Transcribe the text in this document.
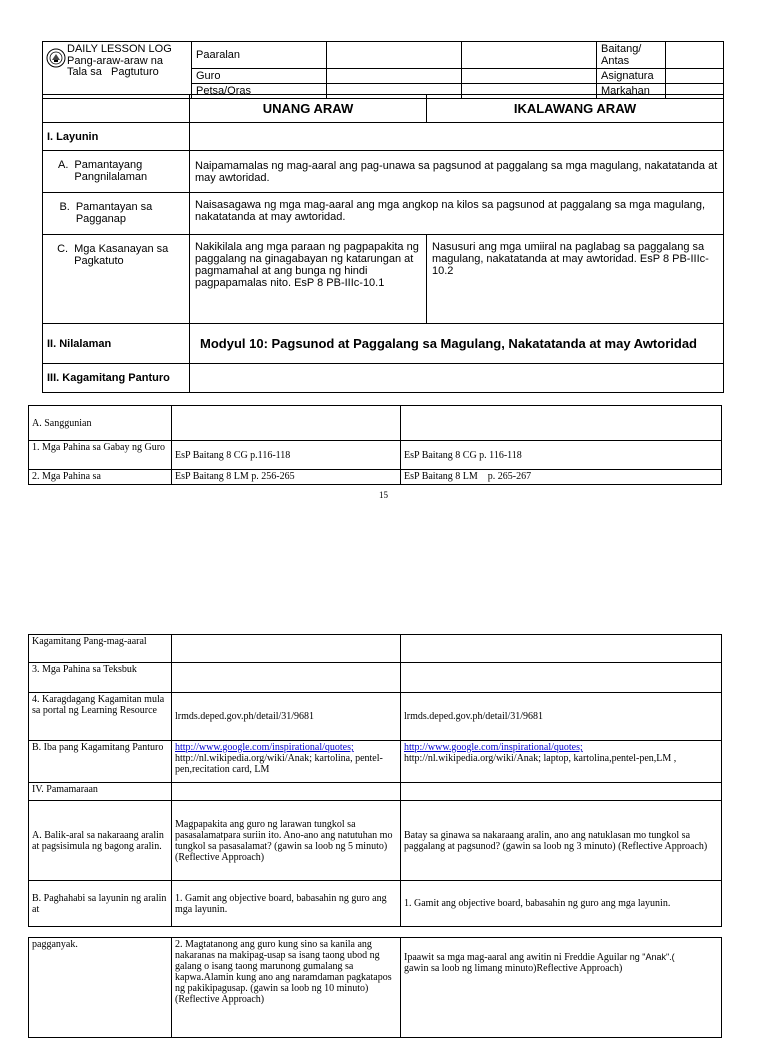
DAILY LESSON LOG
Pang-araw-araw na
Tala sa   Pagtuturo	Paaralan			Baitang/ Antas	
	Guro			Asignatura	
	Petsa/Oras			Markahan	
	UNANG ARAW	IKALAWANG ARAW
I. Layunin		

A. Pamantayang Pangnilalaman	Naipamamalas ng mag-aaral ang pag-unawa sa pagsunod at paggalang sa mga magulang, nakatatanda at may awtoridad.	

B. Pamantayan sa Pagganap	Naisasagawa ng mga mag-aaral ang mga angkop na kilos sa pagsunod at paggalang sa mga magulang, nakatatanda at may awtoridad.	

C. Mga Kasanayan sa Pagkatuto	Nakikilala ang mga paraan ng pagpapakita ng paggalang na ginagabayan ng katarungan at pagmamahal at ang bunga ng hindi pagpapamalas nito. EsP 8 PB-IIIc-10.1	Nasusuri ang mga umiiral na paglabag sa paggalang sa magulang, nakatatanda at may awtoridad. EsP 8 PB-IIIc-10.2

II. Nilalaman	Modyul 10: Pagsunod at Paggalang sa Magulang, Nakatatanda at may Awtoridad	
III. Kagamitang Panturo		
A. Sanggunian		
1. Mga Pahina sa Gabay ng Guro	EsP Baitang 8 CG p.116-118	EsP Baitang 8 CG p. 116-118
2. Mga Pahina sa	EsP Baitang 8 LM p. 256-265	EsP Baitang 8 LM    p. 265-267
15
Kagamitang Pang-mag-aaral		
3. Mga Pahina sa Teksbuk		
4. Karagdagang Kagamitan mula sa portal ng Learning Resource	lrmds.deped.gov.ph/detail/31/9681	lrmds.deped.gov.ph/detail/31/9681
B. Iba pang Kagamitang Panturo	http://www.google.com/inspirational/quotes;
http://nl.wikipedia.org/wiki/Anak; kartolina, pentel-pen,recitation card, LM	http://www.google.com/inspirational/quotes;
http://nl.wikipedia.org/wiki/Anak; laptop, kartolina,pentel-pen,LM ,
IV. Pamamaraan		
A. Balik-aral sa nakaraang aralin at pagsisimula ng bagong aralin.	Magpapakita ang guro ng larawan tungkol sa pasasalamatpara suriin ito. Ano-ano ang natutuhan mo tungkol sa pasasalamat? (gawin sa loob ng 5 minuto)(Reflective Approach)	Batay sa ginawa sa nakaraang aralin, ano ang natuklasan mo tungkol sa paggalang at pagsunod? (gawin sa loob ng 3 minuto) (Reflective Approach)
B. Paghahabi sa layunin ng aralin at	1. Gamit ang objective board, babasahin ng guro ang mga layunin.	1. Gamit ang objective board, babasahin ng guro ang mga layunin.
pagganyak.	2. Magtatanong ang guro kung sino sa kanila ang nakaranas na makipag-usap sa isang taong ubod ng galang o isang taong marunong gumalang sa kapwa.Alamin kung ano ang naramdaman pagkatapos ng pakikipagusap. (gawin sa loob ng 10 minuto) (Reflective Approach)	Ipaawit sa mga mag-aaral ang awitin ni Freddie Aguilar ng "Anak".(
gawin sa loob ng limang minuto)Reflective Approach)
